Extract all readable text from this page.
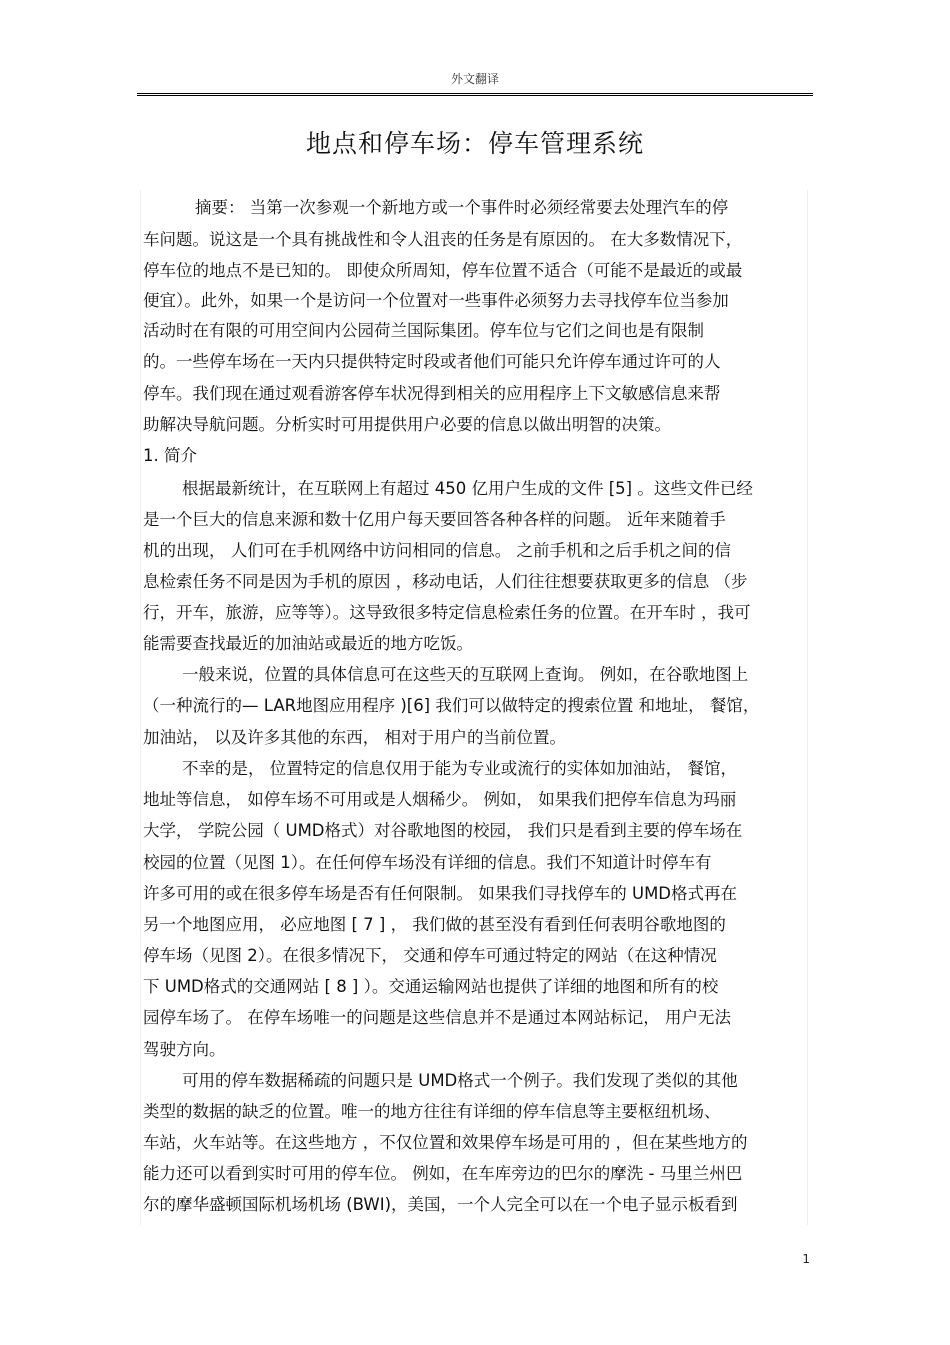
外文翻译
地点和停车场：停车管理系统
摘要： 当第一次参观一个新地方或一个事件时必须经常要去处理汽车的停
车问题。说这是一个具有挑战性和令人沮丧的任务是有原因的。 在大多数情况下，
停车位的地点不是已知的。 即使众所周知，停车位置不适合（可能不是最近的或最
便宜）。此外，如果一个是访问一个位置对一些事件必须努力去寻找停车位当参加
活动时在有限的可用空间内公园荷兰国际集团。停车位与它们之间也是有限制
的。一些停车场在一天内只提供特定时段或者他们可能只允许停车通过许可的人
停车。我们现在通过观看游客停车状况得到相关的应用程序上下文敏感信息来帮
助解决导航问题。分析实时可用提供用户必要的信息以做出明智的决策。
1. 简介
根据最新统计，在互联网上有超过 450 亿用户生成的文件 [5] 。这些文件已经
是一个巨大的信息来源和数十亿用户每天要回答各种各样的问题。 近年来随着手
机的出现， 人们可在手机网络中访问相同的信息。 之前手机和之后手机之间的信
息检索任务不同是因为手机的原因 ，移动电话，人们往往想要获取更多的信息 （步
行，开车，旅游，应等等）。这导致很多特定信息检索任务的位置。在开车时 ，我可
能需要查找最近的加油站或最近的地方吃饭。
一般来说，位置的具体信息可在这些天的互联网上查询。 例如，在谷歌地图上
（一种流行的— LAR地图应用程序 )[6] 我们可以做特定的搜索位置 和地址， 餐馆，
加油站， 以及许多其他的东西， 相对于用户的当前位置。
不幸的是， 位置特定的信息仅用于能为专业或流行的实体如加油站， 餐馆，
地址等信息， 如停车场不可用或是人烟稀少。 例如， 如果我们把停车信息为玛丽
大学， 学院公园（ UMD格式）对谷歌地图的校园， 我们只是看到主要的停车场在
校园的位置（见图 1）。在任何停车场没有详细的信息。我们不知道计时停车有
许多可用的或在很多停车场是否有任何限制。 如果我们寻找停车的 UMD格式再在
另一个地图应用， 必应地图 [ 7 ] ， 我们做的甚至没有看到任何表明谷歌地图的
停车场（见图 2）。在很多情况下， 交通和停车可通过特定的网站（在这种情况
下 UMD格式的交通网站 [ 8 ] ）。交通运输网站也提供了详细的地图和所有的校
园停车场了。 在停车场唯一的问题是这些信息并不是通过本网站标记， 用户无法
驾驶方向。
可用的停车数据稀疏的问题只是 UMD格式一个例子。我们发现了类似的其他
类型的数据的缺乏的位置。唯一的地方往往有详细的停车信息等主要枢纽机场、
车站，火车站等。在这些地方 ，不仅位置和效果停车场是可用的 ，但在某些地方的
能力还可以看到实时可用的停车位。 例如，在车库旁边的巴尔的摩洗 - 马里兰州巴
尔的摩华盛顿国际机场机场 (BWI)，美国，一个人完全可以在一个电子显示板看到
1
